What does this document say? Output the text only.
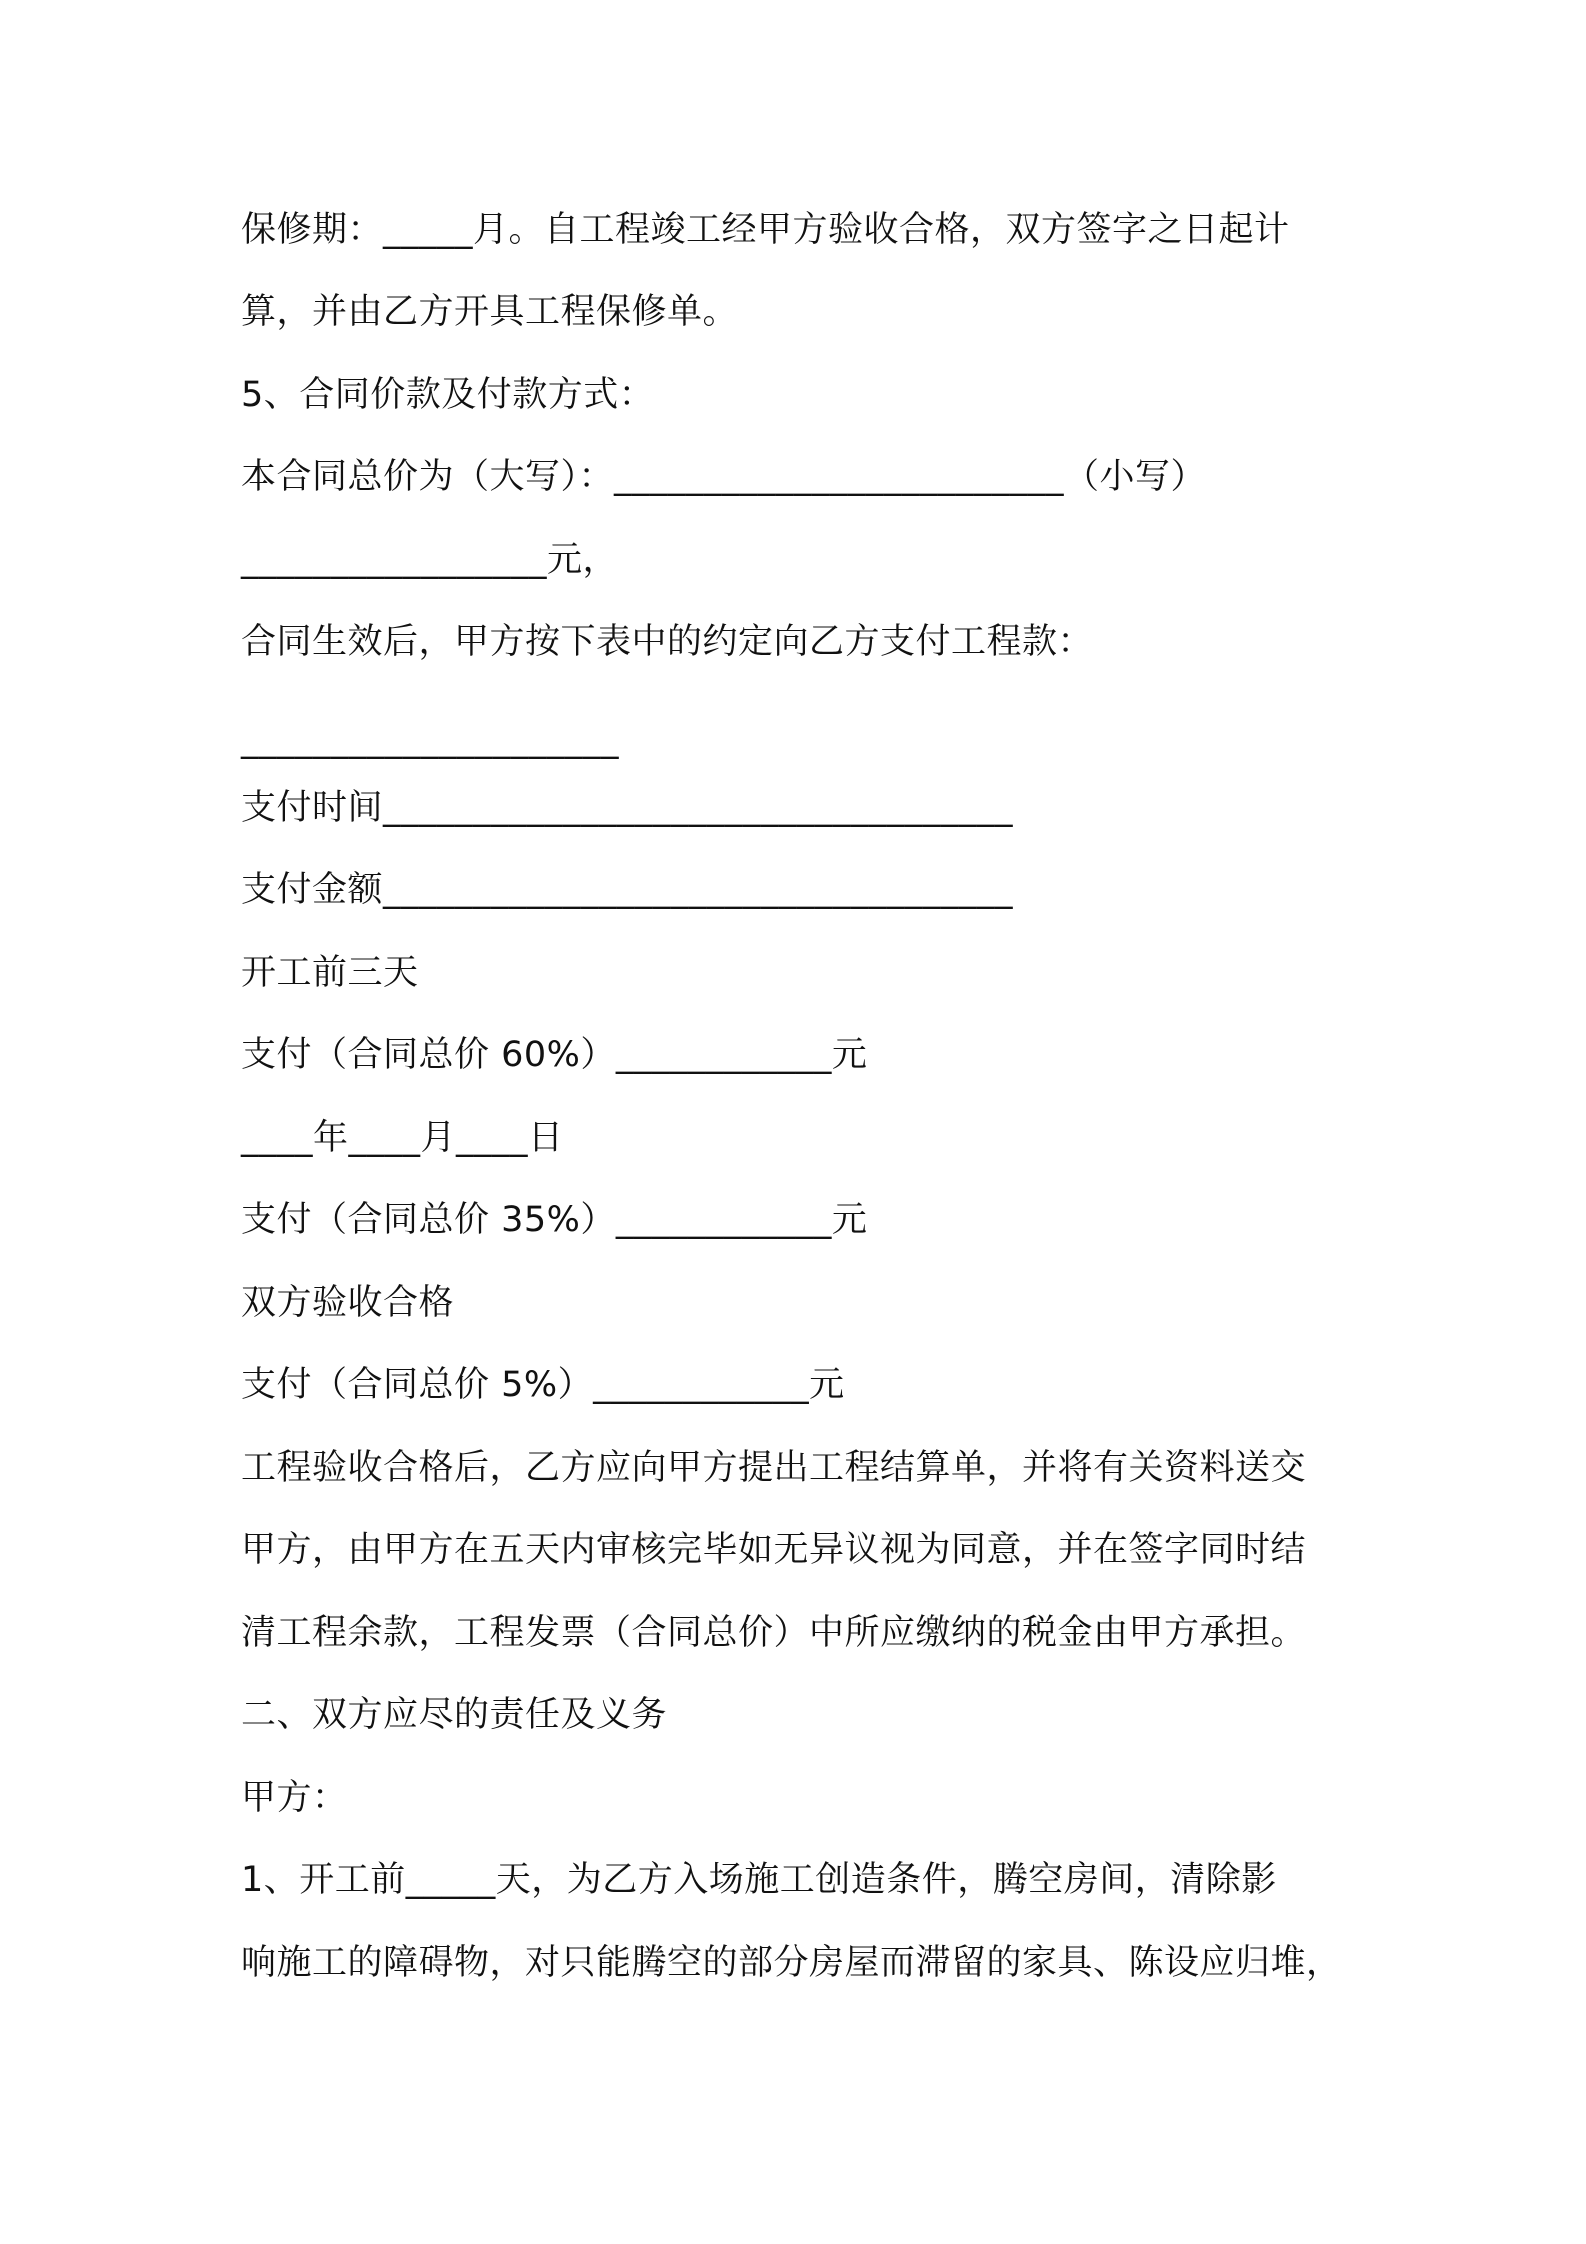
保修期：_____月。自工程竣工经甲方验收合格，双方签字之日起计

算，并由乙方开具工程保修单。

5、合同价款及付款方式：

本合同总价为（大写）：_________________________（小写）

_________________元，

合同生效后，甲方按下表中的约定向乙方支付工程款：

_____________________

支付时间___________________________________

支付金额___________________________________

开工前三天

支付（合同总价 60%）____________元

____年____月____日

支付（合同总价 35%）____________元

双方验收合格

支付（合同总价 5%）____________元

工程验收合格后，乙方应向甲方提出工程结算单，并将有关资料送交

甲方，由甲方在五天内审核完毕如无异议视为同意，并在签字同时结

清工程余款，工程发票（合同总价）中所应缴纳的税金由甲方承担。

二、双方应尽的责任及义务

甲方：

1、开工前_____天，为乙方入场施工创造条件，腾空房间，清除影

响施工的障碍物，对只能腾空的部分房屋而滞留的家具、陈设应归堆，
